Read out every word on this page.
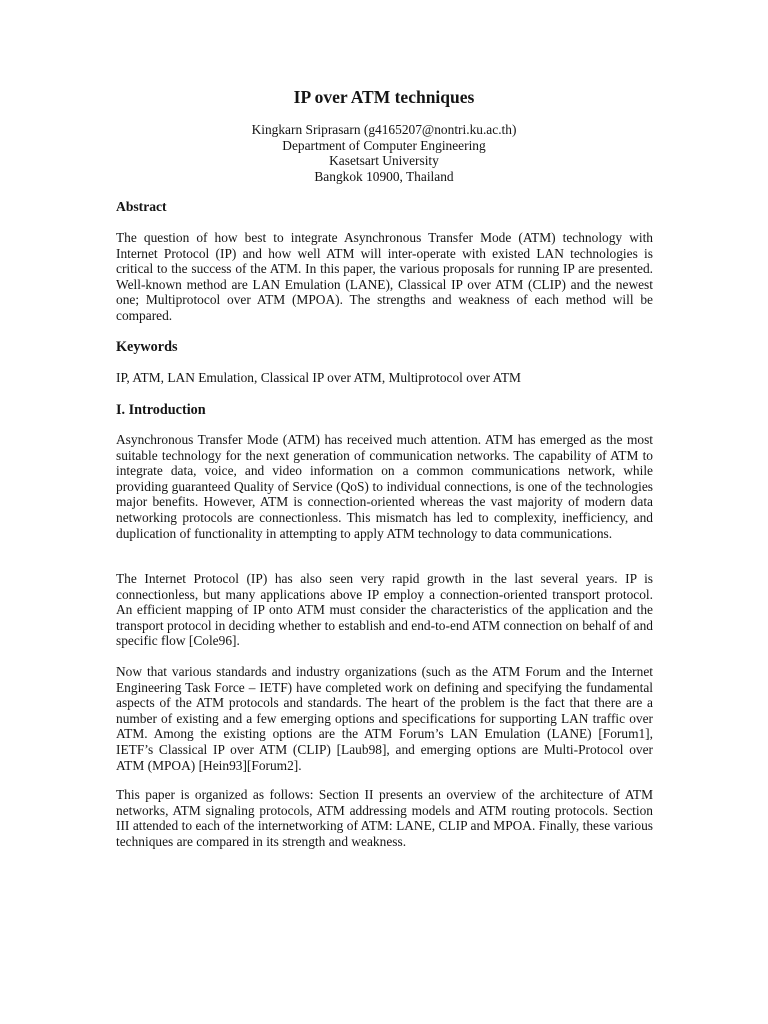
IP over ATM techniques
Kingkarn Sriprasarn (g4165207@nontri.ku.ac.th)
Department of Computer Engineering
Kasetsart University
Bangkok 10900, Thailand
Abstract

The question of how best to integrate Asynchronous Transfer Mode (ATM) technology with Internet Protocol (IP) and how well ATM will inter-operate with existed LAN technologies is critical to the success of the ATM. In this paper, the various proposals for running IP are presented. Well-known method are LAN Emulation (LANE), Classical IP over ATM (CLIP) and the newest one; Multiprotocol over ATM (MPOA). The strengths and weakness of each method will be compared.

Keywords

IP, ATM, LAN Emulation, Classical IP over ATM, Multiprotocol over ATM

I. Introduction

Asynchronous Transfer Mode (ATM) has received much attention. ATM has emerged as the most suitable technology for the next generation of communication networks. The capability of ATM to integrate data, voice, and video information on a common communications network, while providing guaranteed Quality of Service (QoS) to individual connections, is one of the technologies major benefits. However, ATM is connection-oriented whereas the vast majority of modern data networking protocols are connectionless. This mismatch has led to complexity, inefficiency, and duplication of functionality in attempting to apply ATM technology to data communications.

The Internet Protocol (IP) has also seen very rapid growth in the last several years. IP is connectionless, but many applications above IP employ a connection-oriented transport protocol. An efficient mapping of IP onto ATM must consider the characteristics of the application and the transport protocol in deciding whether to establish and end-to-end ATM connection on behalf of and specific flow [Cole96].

Now that various standards and industry organizations (such as the ATM Forum and the Internet Engineering Task Force – IETF) have completed work on defining and specifying the fundamental aspects of the ATM protocols and standards. The heart of the problem is the fact that there are a number of existing and a few emerging options and specifications for supporting LAN traffic over ATM. Among the existing options are the ATM Forum’s LAN Emulation (LANE) [Forum1], IETF’s Classical IP over ATM (CLIP) [Laub98], and emerging options are Multi-Protocol over ATM (MPOA) [Hein93][Forum2].

This paper is organized as follows: Section II presents an overview of the architecture of ATM networks, ATM signaling protocols, ATM addressing models and ATM routing protocols. Section III attended to each of the internetworking of ATM: LANE, CLIP and MPOA. Finally, these various techniques are compared in its strength and weakness.
